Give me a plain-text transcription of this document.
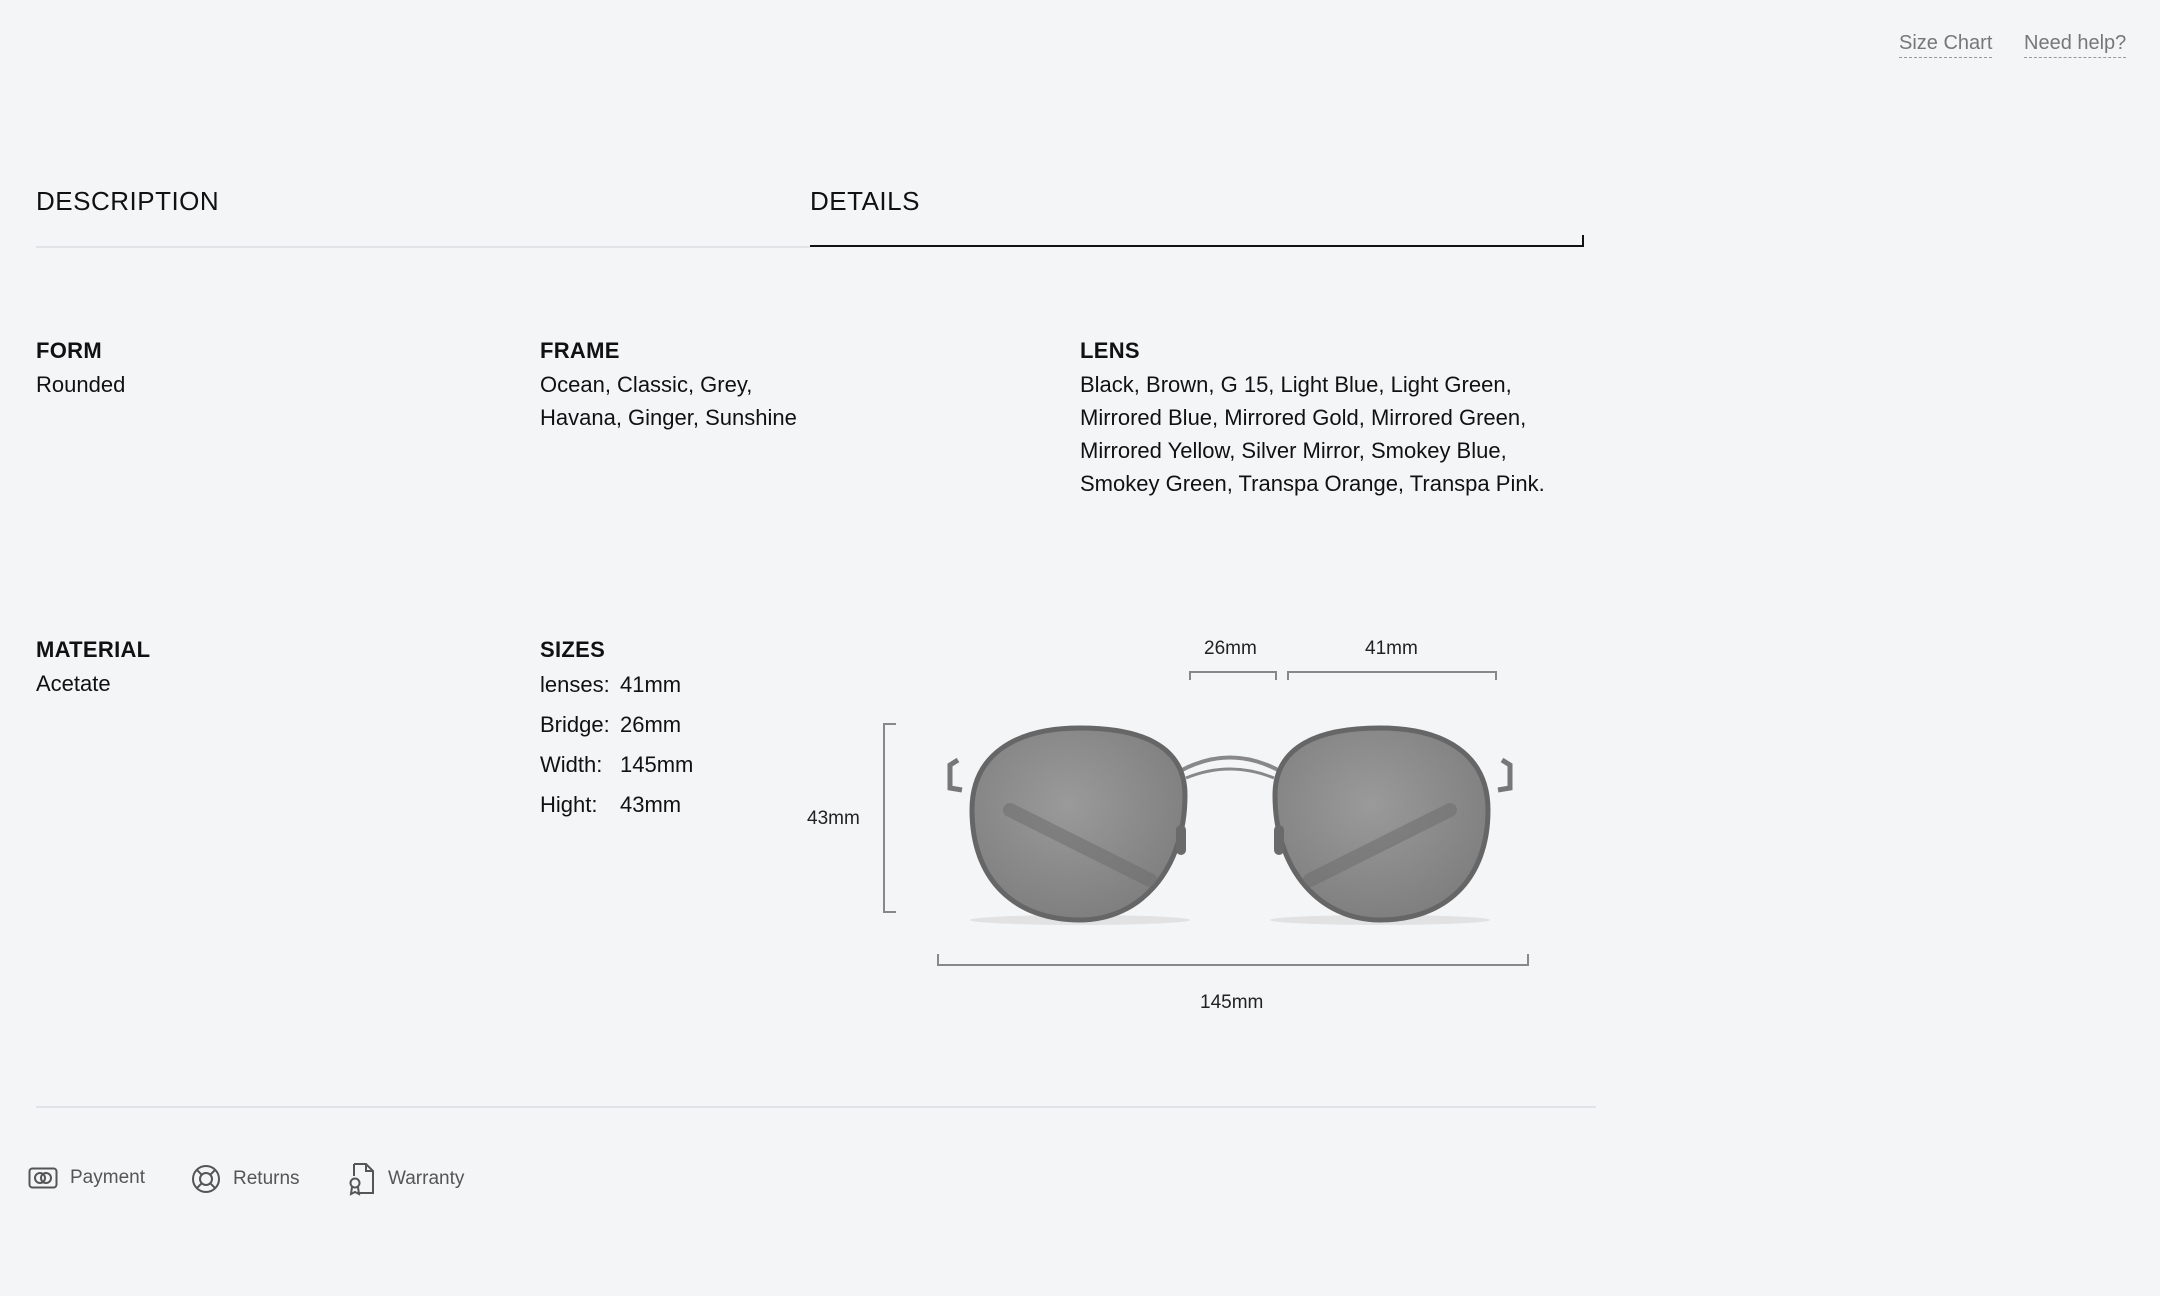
Size Chart Need help?
DESCRIPTION	DETAILS
FORM
Rounded
FRAME
Ocean, Classic, Grey,
Havana, Ginger, Sunshine
LENS
Black, Brown, G 15, Light Blue, Light Green,
Mirrored Blue, Mirrored Gold, Mirrored Green,
Mirrored Yellow, Silver Mirror, Smokey Blue,
Smokey Green, Transpa Orange, Transpa Pink.
MATERIAL
Acetate
SIZES
lenses: 41mm
Bridge: 26mm
Width: 145mm
Hight: 43mm
26mm	41mm
43mm
145mm
Payment	Returns	Warranty
